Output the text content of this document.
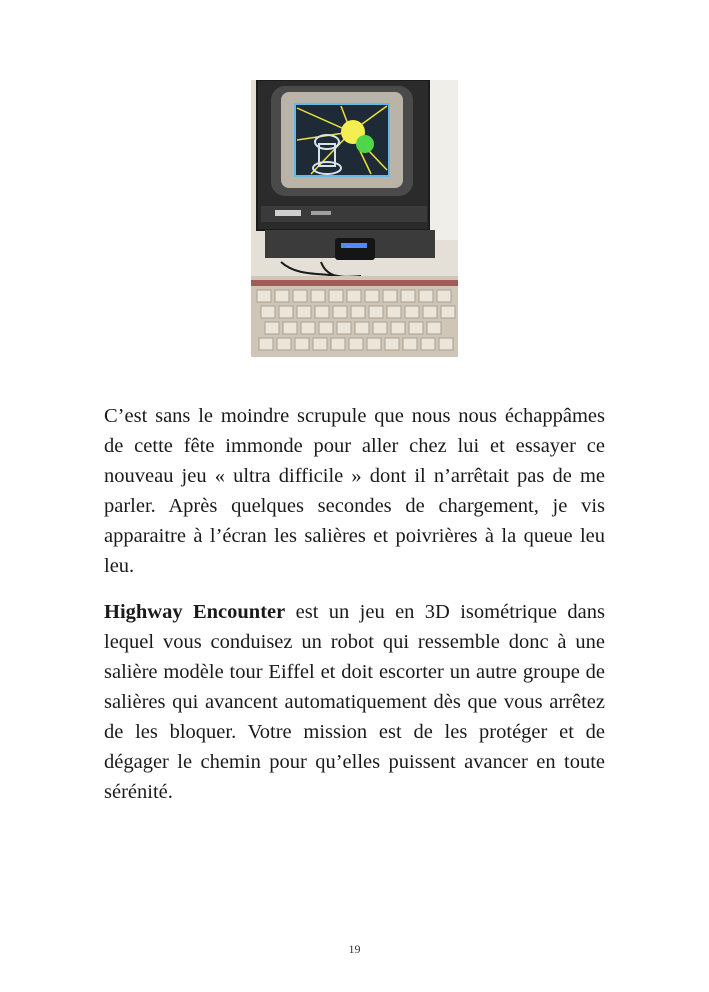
...

C’est sans le moindre scrupule que nous nous échappâmes de cette fête immonde pour aller chez lui et essayer ce nouveau jeu « ultra difficile » dont il n’arrêtait pas de me parler. Après quelques secondes de chargement, je vis apparaitre à l’écran les salières et poivrières à la queue leu leu.

Highway Encounter est un jeu en 3D isométrique dans lequel vous conduisez un robot qui ressemble donc à une salière modèle tour Eiffel et doit escorter un autre groupe de salières qui avancent automatiquement dès que vous arrêtez de les bloquer. Votre mission est de les protéger et de dégager le chemin pour qu’elles puissent avancer en toute sérénité.

19
